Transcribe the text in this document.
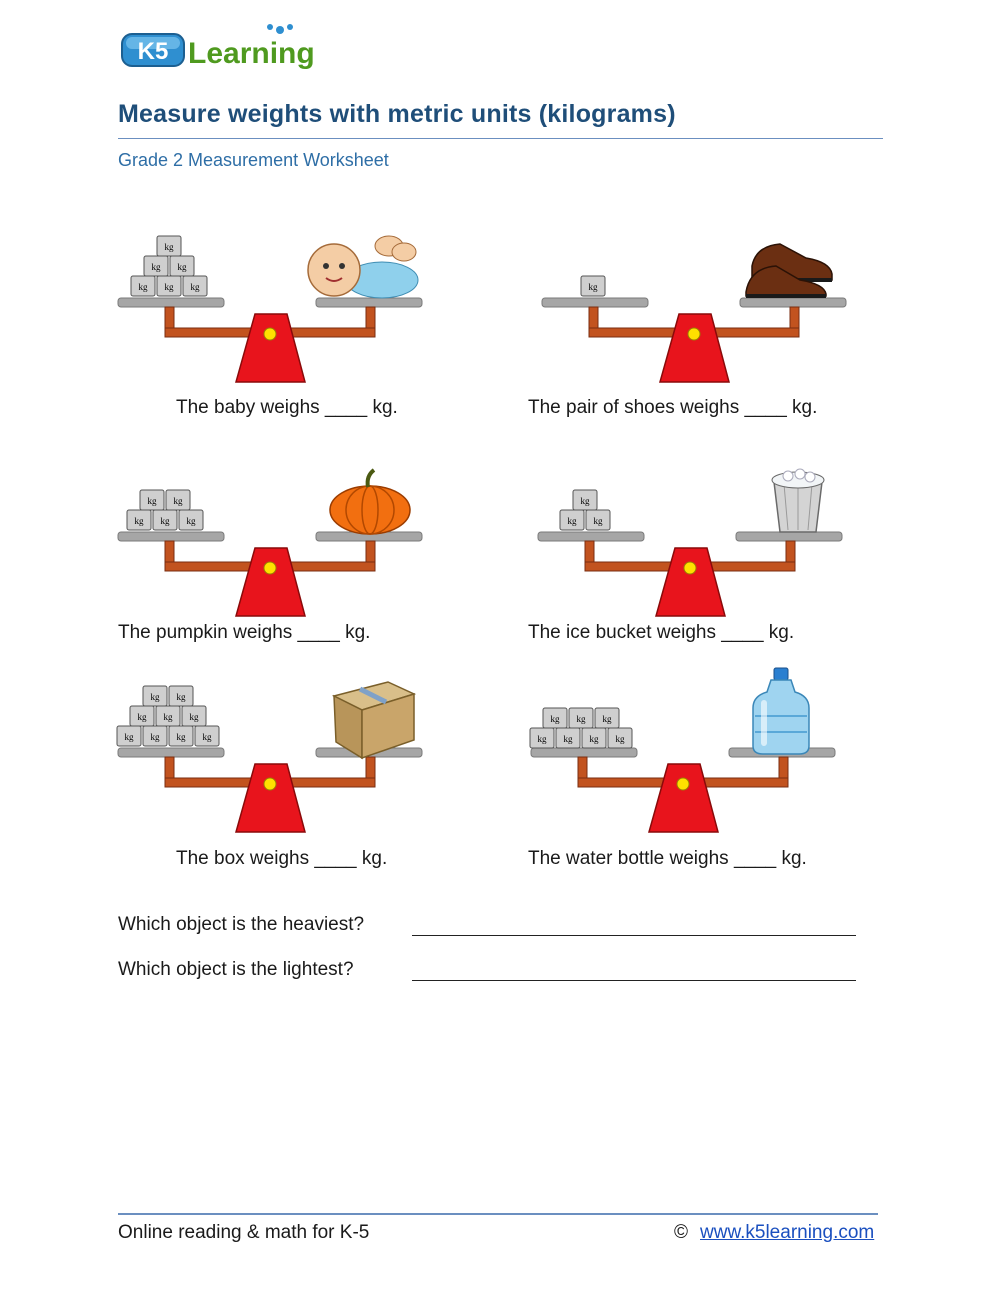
K5 Learning
Measure weights with metric units (kilograms)
Grade 2 Measurement Worksheet
kg kg kg
kg kg
kg
The baby weighs ____ kg.
kg
The pair of shoes weighs ____ kg.
kg kg kg
kg kg
The pumpkin weighs ____ kg.
kg kg
kg
The ice bucket weighs ____ kg.
kg kg kg kg
kg kg kg
kg kg
The box weighs ____ kg.
kg kg kg kg
kg kg kg
The water bottle weighs ____ kg.
Which object is the heaviest?
Which object is the lightest?
Online reading & math for K-5	© www.k5learning.com
